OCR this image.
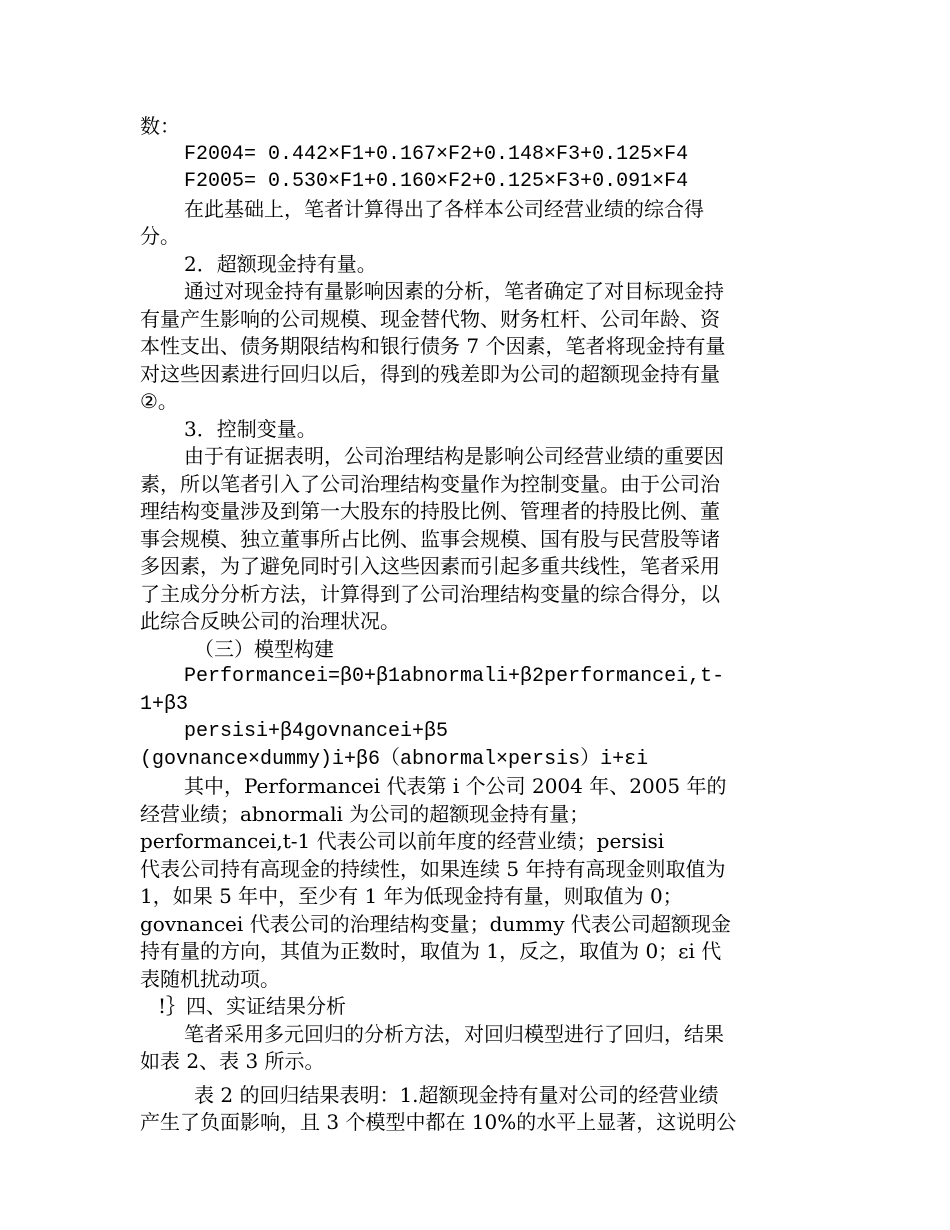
数：
F2004= 0.442×F1+0.167×F2+0.148×F3+0.125×F4
F2005= 0.530×F1+0.160×F2+0.125×F3+0.091×F4
在此基础上，笔者计算得出了各样本公司经营业绩的综合得
分。
2．超额现金持有量。
通过对现金持有量影响因素的分析，笔者确定了对目标现金持
有量产生影响的公司规模、现金替代物、财务杠杆、公司年龄、资
本性支出、债务期限结构和银行债务 7 个因素，笔者将现金持有量
对这些因素进行回归以后，得到的残差即为公司的超额现金持有量
②。
3．控制变量。
由于有证据表明，公司治理结构是影响公司经营业绩的重要因
素，所以笔者引入了公司治理结构变量作为控制变量。由于公司治
理结构变量涉及到第一大股东的持股比例、管理者的持股比例、董
事会规模、独立董事所占比例、监事会规模、国有股与民营股等诸
多因素，为了避免同时引入这些因素而引起多重共线性，笔者采用
了主成分分析方法，计算得到了公司治理结构变量的综合得分，以
此综合反映公司的治理状况。
（三）模型构建
Performancei=β0+β1abnormali+β2performancei,t-
1+β3
persisi+β4govnancei+β5
(govnance×dummy)i+β6（abnormal×persis）i+εi
其中，Performancei 代表第 i 个公司 2004 年、2005 年的
经营业绩；abnormali 为公司的超额现金持有量；
performancei,t-1 代表公司以前年度的经营业绩；persisi
代表公司持有高现金的持续性，如果连续 5 年持有高现金则取值为
1，如果 5 年中，至少有 1 年为低现金持有量，则取值为 0；
govnancei 代表公司的治理结构变量；dummy 代表公司超额现金
持有量的方向，其值为正数时，取值为 1，反之，取值为 0；εi 代
表随机扰动项。
!｝四、实证结果分析
笔者采用多元回归的分析方法，对回归模型进行了回归，结果
如表 2、表 3 所示。
表 2 的回归结果表明：1.超额现金持有量对公司的经营业绩
产生了负面影响，且 3 个模型中都在 10%的水平上显著，这说明公
